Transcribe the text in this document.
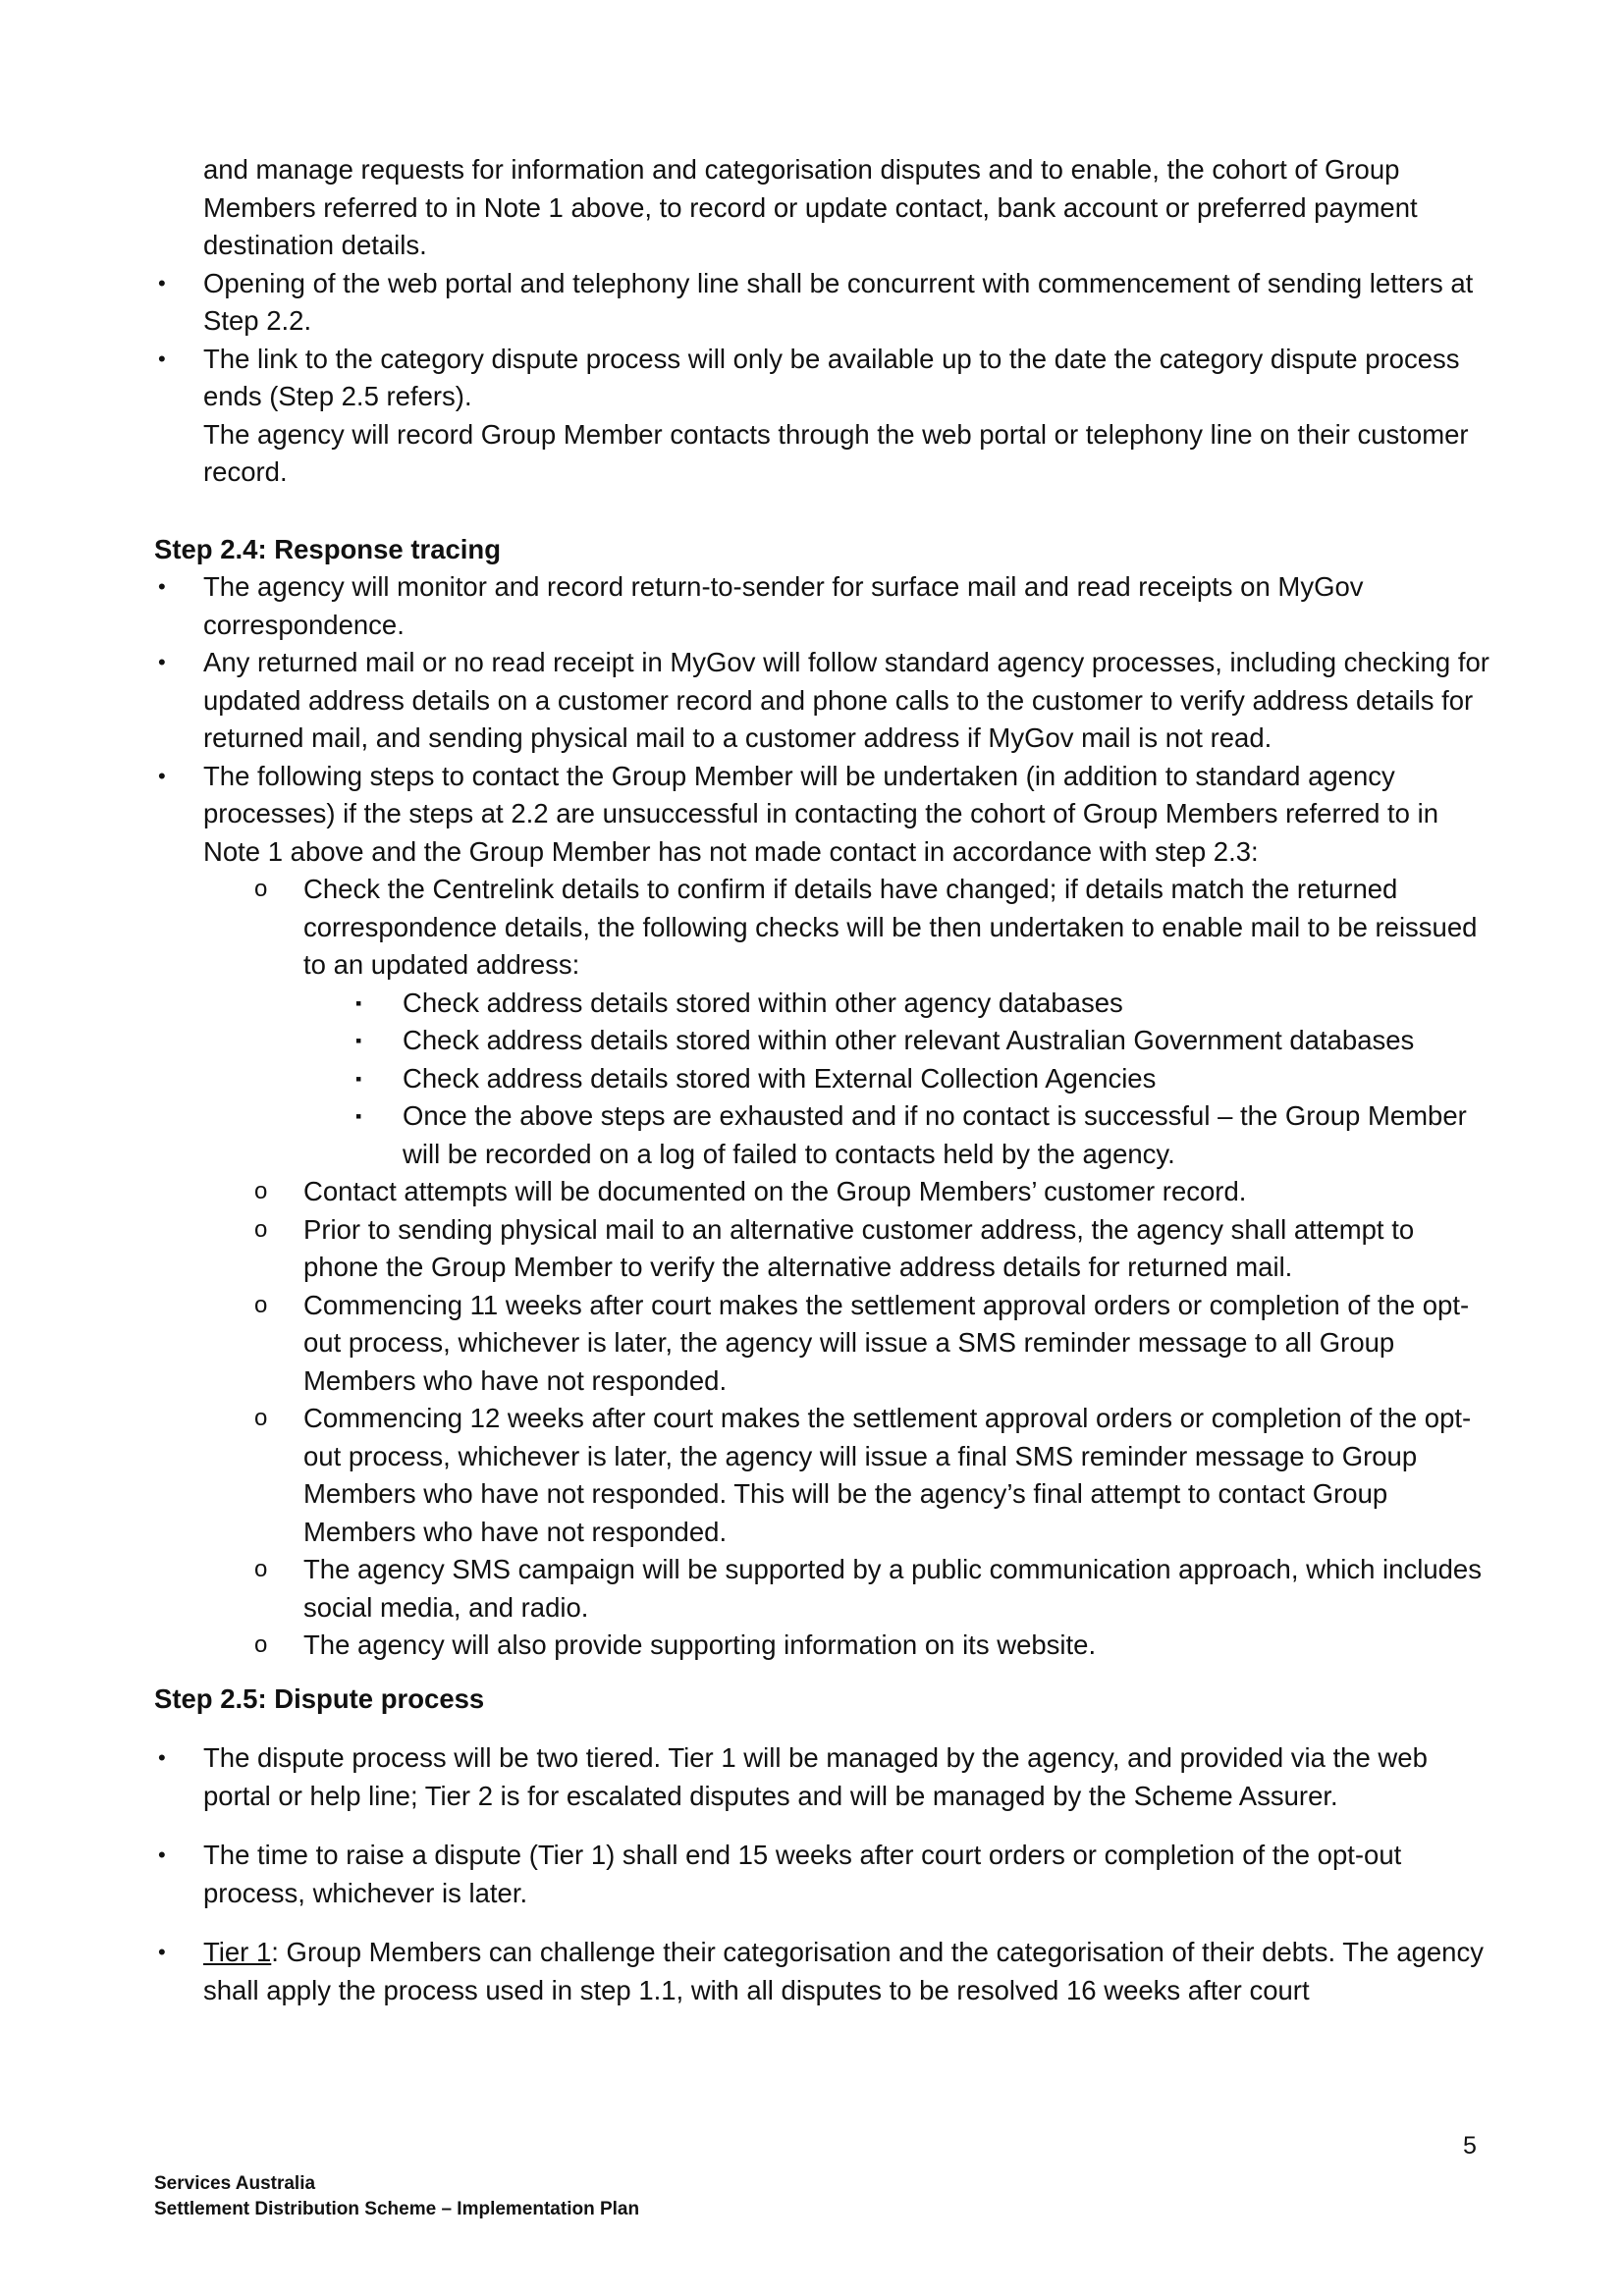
and manage requests for information and categorisation disputes and to enable, the cohort of Group Members referred to in Note 1 above, to record or update contact, bank account or preferred payment destination details.

• Opening of the web portal and telephony line shall be concurrent with commencement of sending letters at Step 2.2.
• The link to the category dispute process will only be available up to the date the category dispute process ends (Step 2.5 refers).

The agency will record Group Member contacts through the web portal or telephony line on their customer record.

Step 2.4: Response tracing

• The agency will monitor and record return-to-sender for surface mail and read receipts on MyGov correspondence.
• Any returned mail or no read receipt in MyGov will follow standard agency processes, including checking for updated address details on a customer record and phone calls to the customer to verify address details for returned mail, and sending physical mail to a customer address if MyGov mail is not read.
• The following steps to contact the Group Member will be undertaken (in addition to standard agency processes) if the steps at 2.2 are unsuccessful in contacting the cohort of Group Members referred to in Note 1 above and the Group Member has not made contact in accordance with step 2.3:
o Check the Centrelink details to confirm if details have changed; if details match the returned correspondence details, the following checks will be then undertaken to enable mail to be reissued to an updated address:
▪ Check address details stored within other agency databases
▪ Check address details stored within other relevant Australian Government databases
▪ Check address details stored with External Collection Agencies
▪ Once the above steps are exhausted and if no contact is successful – the Group Member will be recorded on a log of failed to contacts held by the agency.
o Contact attempts will be documented on the Group Members’ customer record.
o Prior to sending physical mail to an alternative customer address, the agency shall attempt to phone the Group Member to verify the alternative address details for returned mail.
o Commencing 11 weeks after court makes the settlement approval orders or completion of the opt-out process, whichever is later, the agency will issue a SMS reminder message to all Group Members who have not responded.
o Commencing 12 weeks after court makes the settlement approval orders or completion of the opt-out process, whichever is later, the agency will issue a final SMS reminder message to Group Members who have not responded. This will be the agency’s final attempt to contact Group Members who have not responded.
o The agency SMS campaign will be supported by a public communication approach, which includes social media, and radio.
o The agency will also provide supporting information on its website.

Step 2.5: Dispute process

• The dispute process will be two tiered. Tier 1 will be managed by the agency, and provided via the web portal or help line; Tier 2 is for escalated disputes and will be managed by the Scheme Assurer.
• The time to raise a dispute (Tier 1) shall end 15 weeks after court orders or completion of the opt-out process, whichever is later.
• Tier 1: Group Members can challenge their categorisation and the categorisation of their debts. The agency shall apply the process used in step 1.1, with all disputes to be resolved 16 weeks after court
5
Services Australia
Settlement Distribution Scheme – Implementation Plan
